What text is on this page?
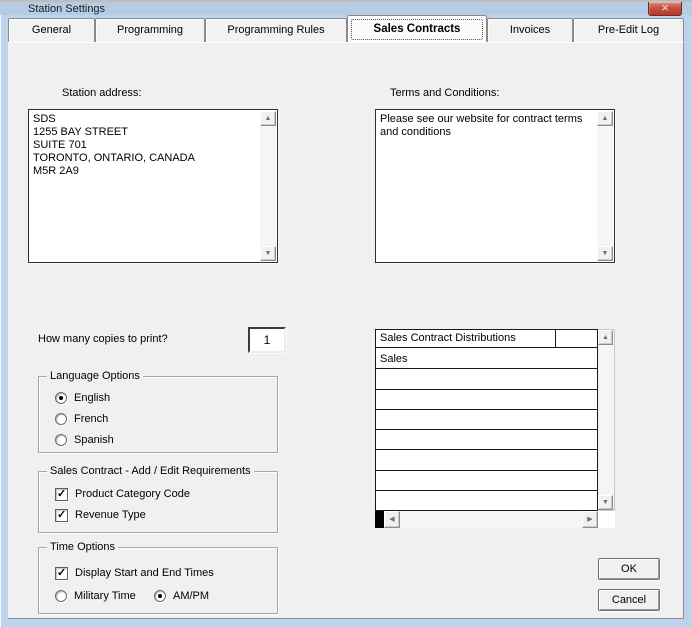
Station Settings	✕
General	Programming	Programming Rules	Sales Contracts	Invoices	Pre-Edit Log
Station address:
SDS
1255 BAY STREET
SUITE 701
TORONTO, ONTARIO, CANADA
M5R 2A9
▲
▼
Terms and Conditions:
Please see our website for contract terms and conditions
▲
▼
How many copies to print?
1
Language Options
English
French
Spanish
Sales Contract - Add / Edit Requirements
✓
Product Category Code
✓
Revenue Type
Time Options
✓
Display Start and End Times
Military Time	AM/PM
Sales Contract Distributions
Sales
▲
▼
◀	▶
OK
Cancel
